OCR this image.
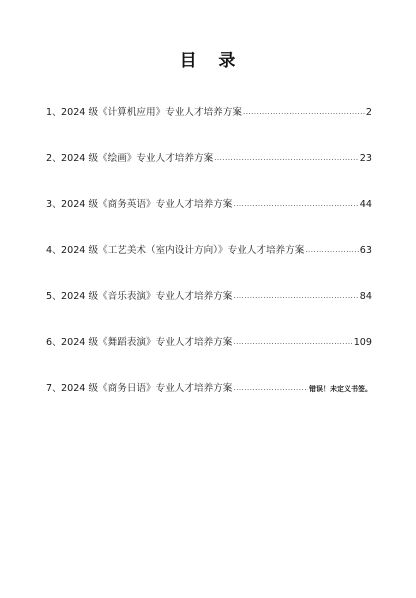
目   录
1、 2024 级《计算机应用》专业人才培养方案 .....	2
2、 2024 级《绘画》专业人才培养方案 .....	23
3、 2024 级《商务英语》专业人才培养方案 .....	44
4、 2024 级《工艺美术（室内设计方向）》专业人才培养方案 .....	63
5、 2024 级《音乐表演》专业人才培养方案 .....	84
6、 2024 级《舞蹈表演》专业人才培养方案 .....	109
7、 2024 级《商务日语》专业人才培养方案 .....	错误！未定义书签。
